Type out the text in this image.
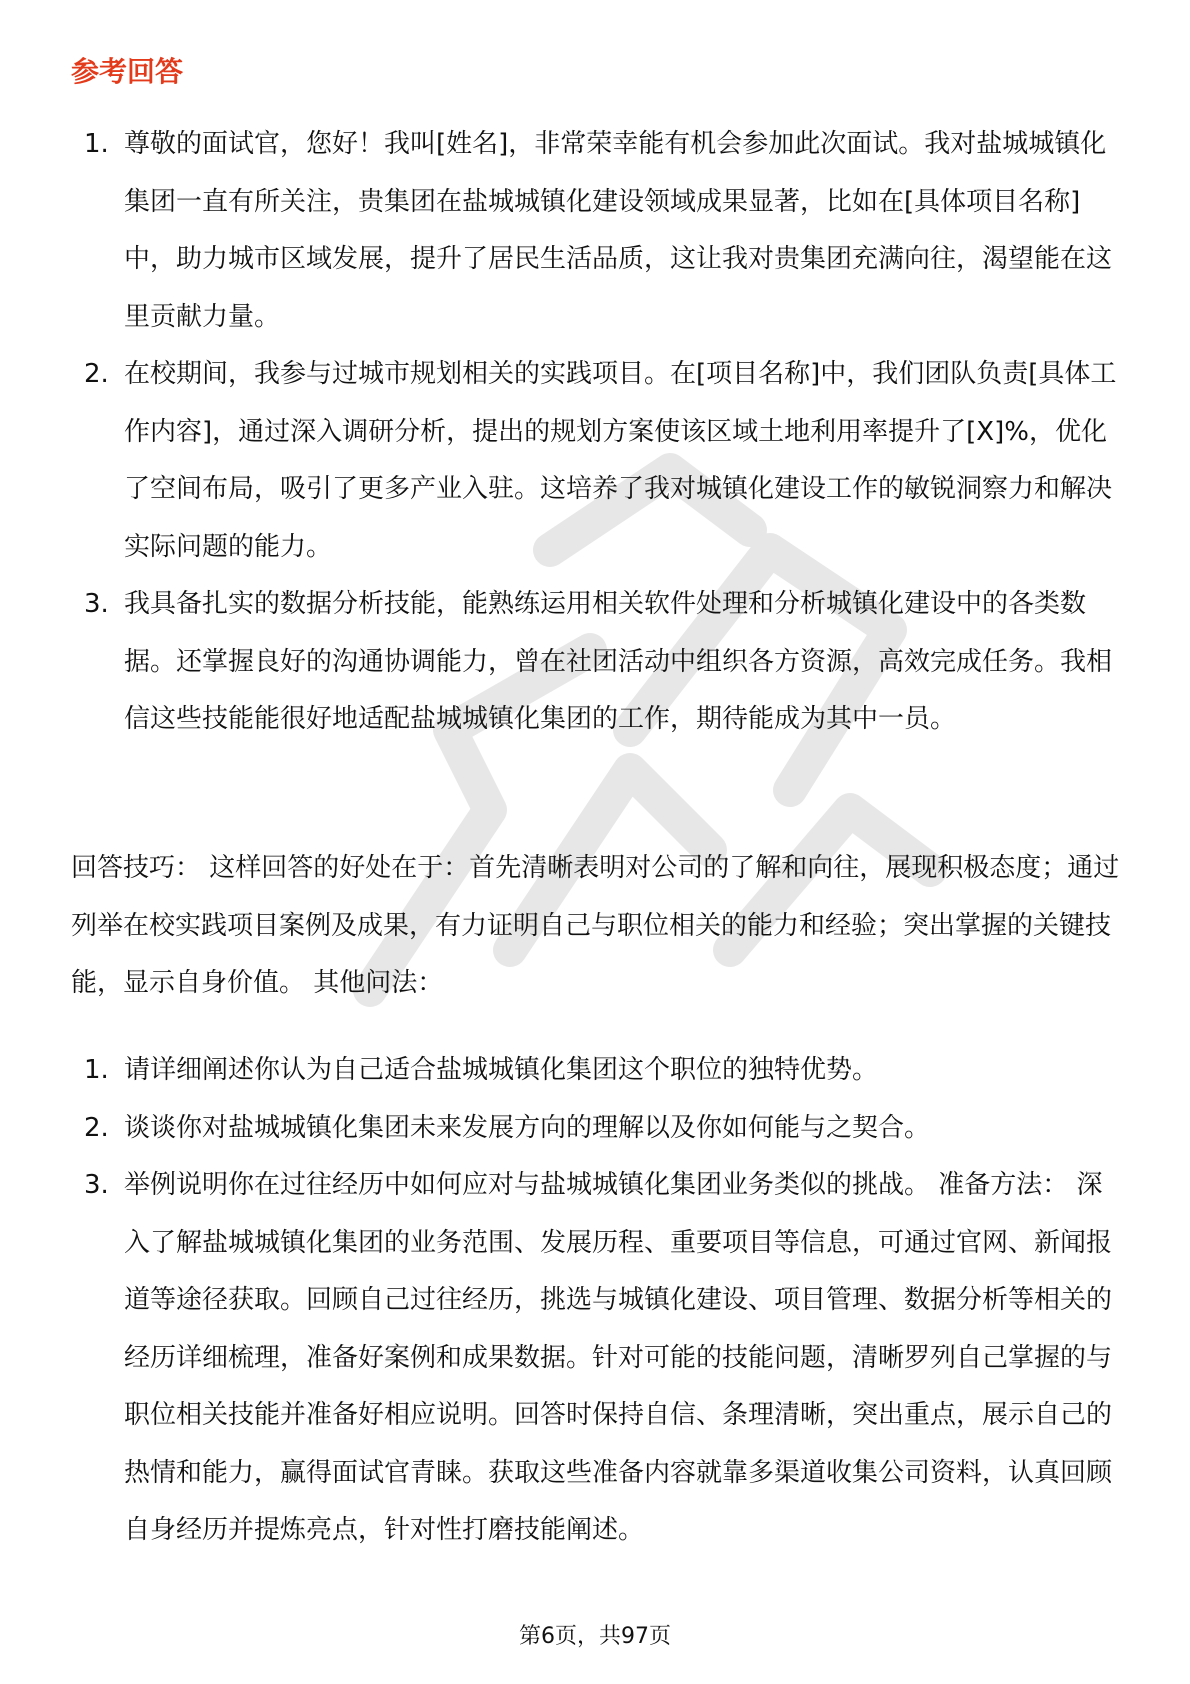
参考回答
1. 尊敬的面试官，您好！我叫[姓名]，非常荣幸能有机会参加此次面试。我对盐城城镇化集团一直有所关注，贵集团在盐城城镇化建设领域成果显著，比如在[具体项目名称]中，助力城市区域发展，提升了居民生活品质，这让我对贵集团充满向往，渴望能在这里贡献力量。
2. 在校期间，我参与过城市规划相关的实践项目。在[项目名称]中，我们团队负责[具体工作内容]，通过深入调研分析，提出的规划方案使该区域土地利用率提升了[X]%，优化了空间布局，吸引了更多产业入驻。这培养了我对城镇化建设工作的敏锐洞察力和解决实际问题的能力。
3. 我具备扎实的数据分析技能，能熟练运用相关软件处理和分析城镇化建设中的各类数据。还掌握良好的沟通协调能力，曾在社团活动中组织各方资源，高效完成任务。我相信这些技能能很好地适配盐城城镇化集团的工作，期待能成为其中一员。

回答技巧： 这样回答的好处在于：首先清晰表明对公司的了解和向往，展现积极态度；通过列举在校实践项目案例及成果，有力证明自己与职位相关的能力和经验；突出掌握的关键技能，显示自身价值。 其他问法：

1. 请详细阐述你认为自己适合盐城城镇化集团这个职位的独特优势。
2. 谈谈你对盐城城镇化集团未来发展方向的理解以及你如何能与之契合。
3. 举例说明你在过往经历中如何应对与盐城城镇化集团业务类似的挑战。 准备方法： 深入了解盐城城镇化集团的业务范围、发展历程、重要项目等信息，可通过官网、新闻报道等途径获取。回顾自己过往经历，挑选与城镇化建设、项目管理、数据分析等相关的经历详细梳理，准备好案例和成果数据。针对可能的技能问题，清晰罗列自己掌握的与职位相关技能并准备好相应说明。回答时保持自信、条理清晰，突出重点，展示自己的热情和能力，赢得面试官青睐。获取这些准备内容就靠多渠道收集公司资料，认真回顾自身经历并提炼亮点，针对性打磨技能阐述。
第6页，共97页
